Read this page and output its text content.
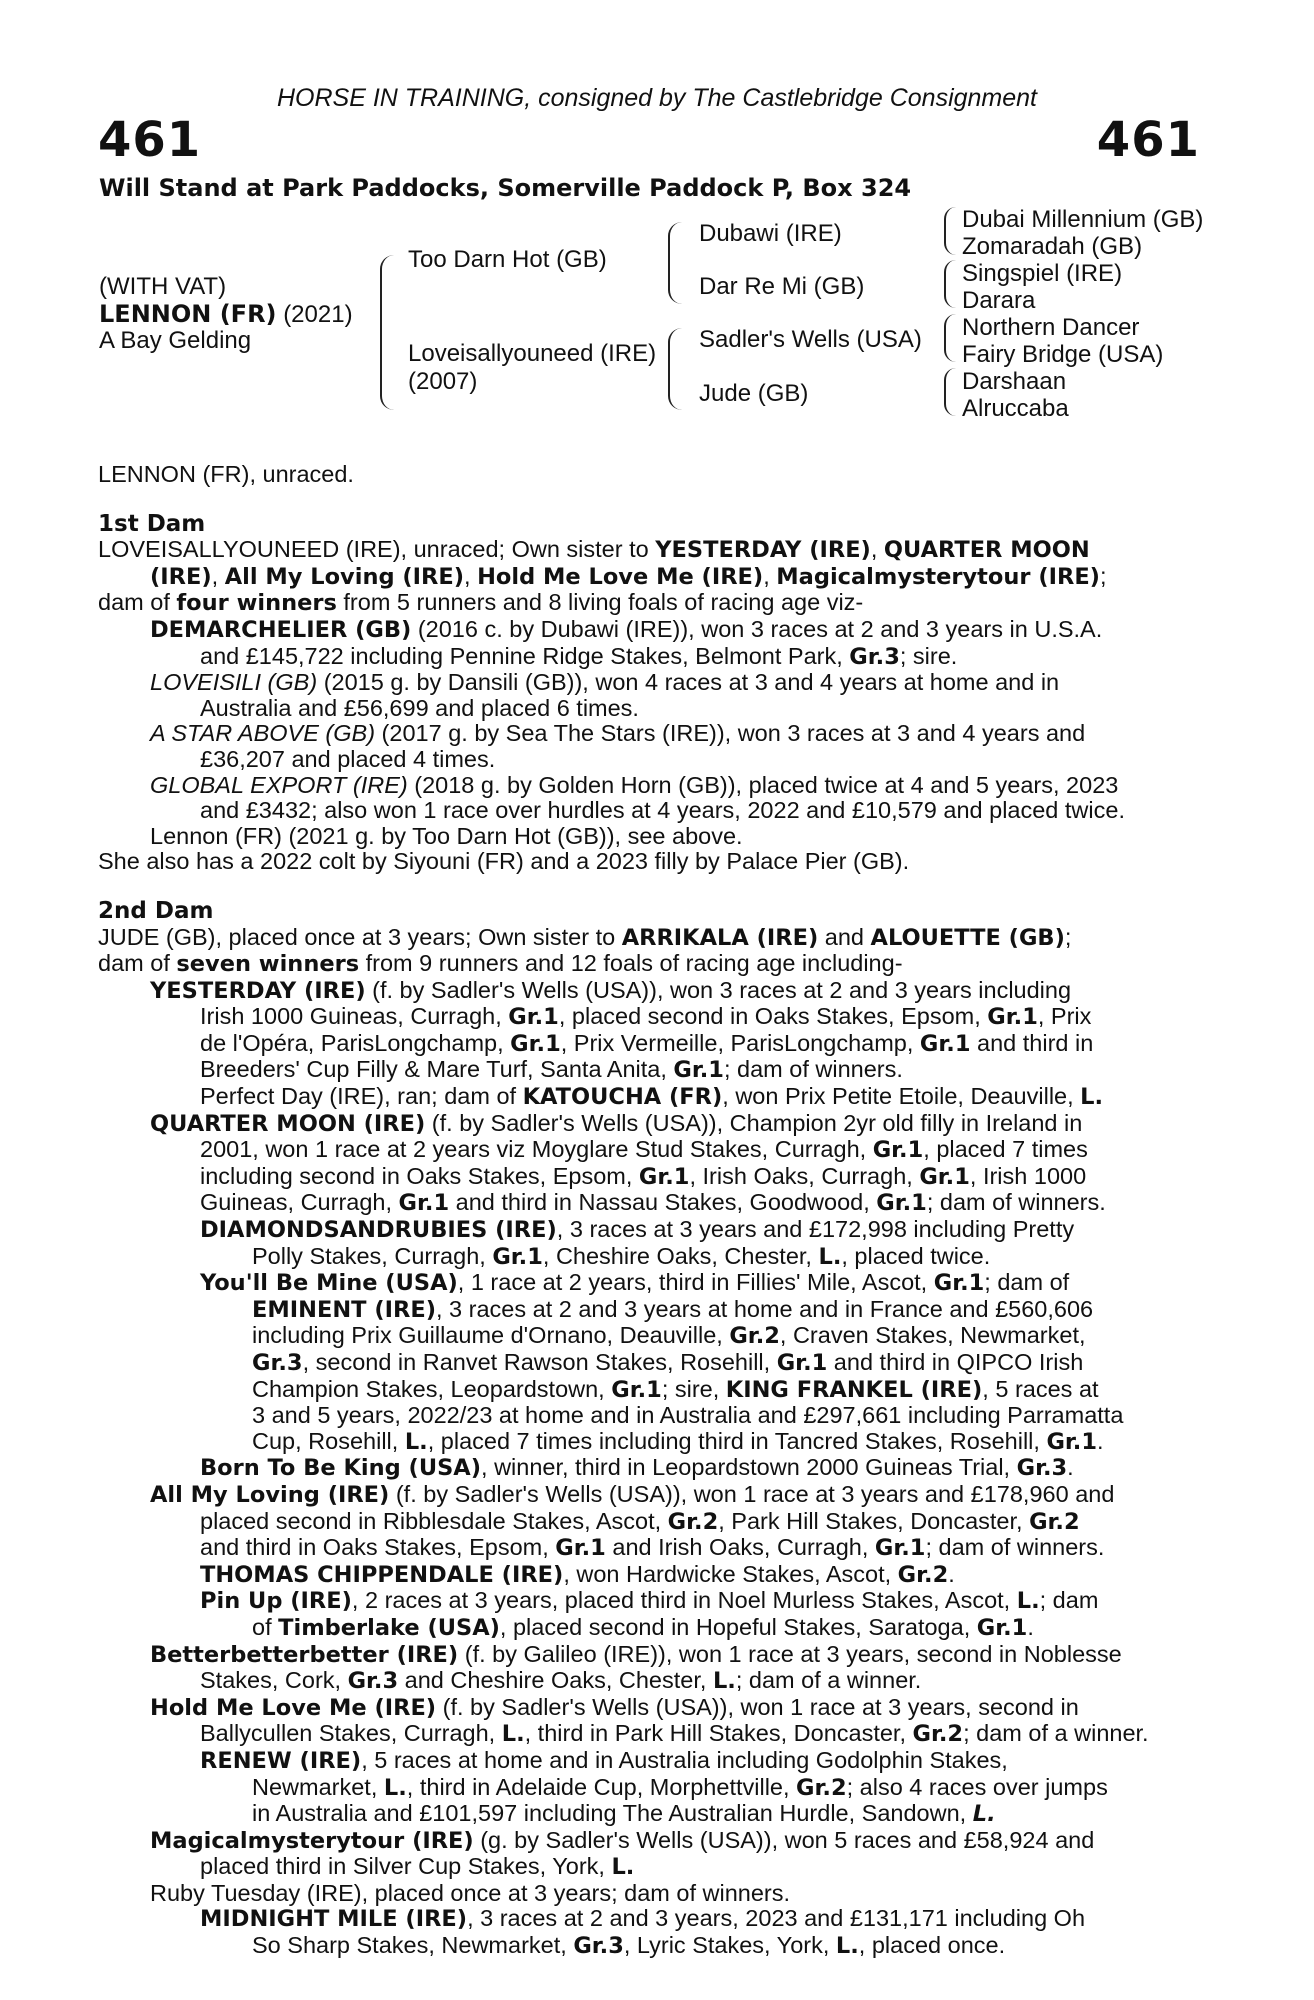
HORSE IN TRAINING, consigned by The Castlebridge Consignment
461	461
Will Stand at Park Paddocks, Somerville Paddock P, Box 324
(WITH VAT)
LENNON (FR) (2021)
A Bay Gelding
Too Darn Hot (GB)
Loveisallyouneed (IRE)
(2007)
Dubawi (IRE)
Dar Re Mi (GB)
Sadler's Wells (USA)
Jude (GB)
Dubai Millennium (GB)
Zomaradah (GB)
Singspiel (IRE)
Darara
Northern Dancer
Fairy Bridge (USA)
Darshaan
Alruccaba
LENNON (FR), unraced.
1st Dam
LOVEISALLYOUNEED (IRE), unraced; Own sister to YESTERDAY (IRE), QUARTER MOON
(IRE), All My Loving (IRE), Hold Me Love Me (IRE), Magicalmysterytour (IRE);
dam of four winners from 5 runners and 8 living foals of racing age viz-
DEMARCHELIER (GB) (2016 c. by Dubawi (IRE)), won 3 races at 2 and 3 years in U.S.A.
and £145,722 including Pennine Ridge Stakes, Belmont Park, Gr.3; sire.
LOVEISILI (GB) (2015 g. by Dansili (GB)), won 4 races at 3 and 4 years at home and in
Australia and £56,699 and placed 6 times.
A STAR ABOVE (GB) (2017 g. by Sea The Stars (IRE)), won 3 races at 3 and 4 years and
£36,207 and placed 4 times.
GLOBAL EXPORT (IRE) (2018 g. by Golden Horn (GB)), placed twice at 4 and 5 years, 2023
and £3432; also won 1 race over hurdles at 4 years, 2022 and £10,579 and placed twice.
Lennon (FR) (2021 g. by Too Darn Hot (GB)), see above.
She also has a 2022 colt by Siyouni (FR) and a 2023 filly by Palace Pier (GB).
2nd Dam
JUDE (GB), placed once at 3 years; Own sister to ARRIKALA (IRE) and ALOUETTE (GB);
dam of seven winners from 9 runners and 12 foals of racing age including-
YESTERDAY (IRE) (f. by Sadler's Wells (USA)), won 3 races at 2 and 3 years including
Irish 1000 Guineas, Curragh, Gr.1, placed second in Oaks Stakes, Epsom, Gr.1, Prix
de l'Opéra, ParisLongchamp, Gr.1, Prix Vermeille, ParisLongchamp, Gr.1 and third in
Breeders' Cup Filly & Mare Turf, Santa Anita, Gr.1; dam of winners.
Perfect Day (IRE), ran; dam of KATOUCHA (FR), won Prix Petite Etoile, Deauville, L.
QUARTER MOON (IRE) (f. by Sadler's Wells (USA)), Champion 2yr old filly in Ireland in
2001, won 1 race at 2 years viz Moyglare Stud Stakes, Curragh, Gr.1, placed 7 times
including second in Oaks Stakes, Epsom, Gr.1, Irish Oaks, Curragh, Gr.1, Irish 1000
Guineas, Curragh, Gr.1 and third in Nassau Stakes, Goodwood, Gr.1; dam of winners.
DIAMONDSANDRUBIES (IRE), 3 races at 3 years and £172,998 including Pretty
Polly Stakes, Curragh, Gr.1, Cheshire Oaks, Chester, L., placed twice.
You'll Be Mine (USA), 1 race at 2 years, third in Fillies' Mile, Ascot, Gr.1; dam of
EMINENT (IRE), 3 races at 2 and 3 years at home and in France and £560,606
including Prix Guillaume d'Ornano, Deauville, Gr.2, Craven Stakes, Newmarket,
Gr.3, second in Ranvet Rawson Stakes, Rosehill, Gr.1 and third in QIPCO Irish
Champion Stakes, Leopardstown, Gr.1; sire, KING FRANKEL (IRE), 5 races at
3 and 5 years, 2022/23 at home and in Australia and £297,661 including Parramatta
Cup, Rosehill, L., placed 7 times including third in Tancred Stakes, Rosehill, Gr.1.
Born To Be King (USA), winner, third in Leopardstown 2000 Guineas Trial, Gr.3.
All My Loving (IRE) (f. by Sadler's Wells (USA)), won 1 race at 3 years and £178,960 and
placed second in Ribblesdale Stakes, Ascot, Gr.2, Park Hill Stakes, Doncaster, Gr.2
and third in Oaks Stakes, Epsom, Gr.1 and Irish Oaks, Curragh, Gr.1; dam of winners.
THOMAS CHIPPENDALE (IRE), won Hardwicke Stakes, Ascot, Gr.2.
Pin Up (IRE), 2 races at 3 years, placed third in Noel Murless Stakes, Ascot, L.; dam
of Timberlake (USA), placed second in Hopeful Stakes, Saratoga, Gr.1.
Betterbetterbetter (IRE) (f. by Galileo (IRE)), won 1 race at 3 years, second in Noblesse
Stakes, Cork, Gr.3 and Cheshire Oaks, Chester, L.; dam of a winner.
Hold Me Love Me (IRE) (f. by Sadler's Wells (USA)), won 1 race at 3 years, second in
Ballycullen Stakes, Curragh, L., third in Park Hill Stakes, Doncaster, Gr.2; dam of a winner.
RENEW (IRE), 5 races at home and in Australia including Godolphin Stakes,
Newmarket, L., third in Adelaide Cup, Morphettville, Gr.2; also 4 races over jumps
in Australia and £101,597 including The Australian Hurdle, Sandown, L.
Magicalmysterytour (IRE) (g. by Sadler's Wells (USA)), won 5 races and £58,924 and
placed third in Silver Cup Stakes, York, L.
Ruby Tuesday (IRE), placed once at 3 years; dam of winners.
MIDNIGHT MILE (IRE), 3 races at 2 and 3 years, 2023 and £131,171 including Oh
So Sharp Stakes, Newmarket, Gr.3, Lyric Stakes, York, L., placed once.
